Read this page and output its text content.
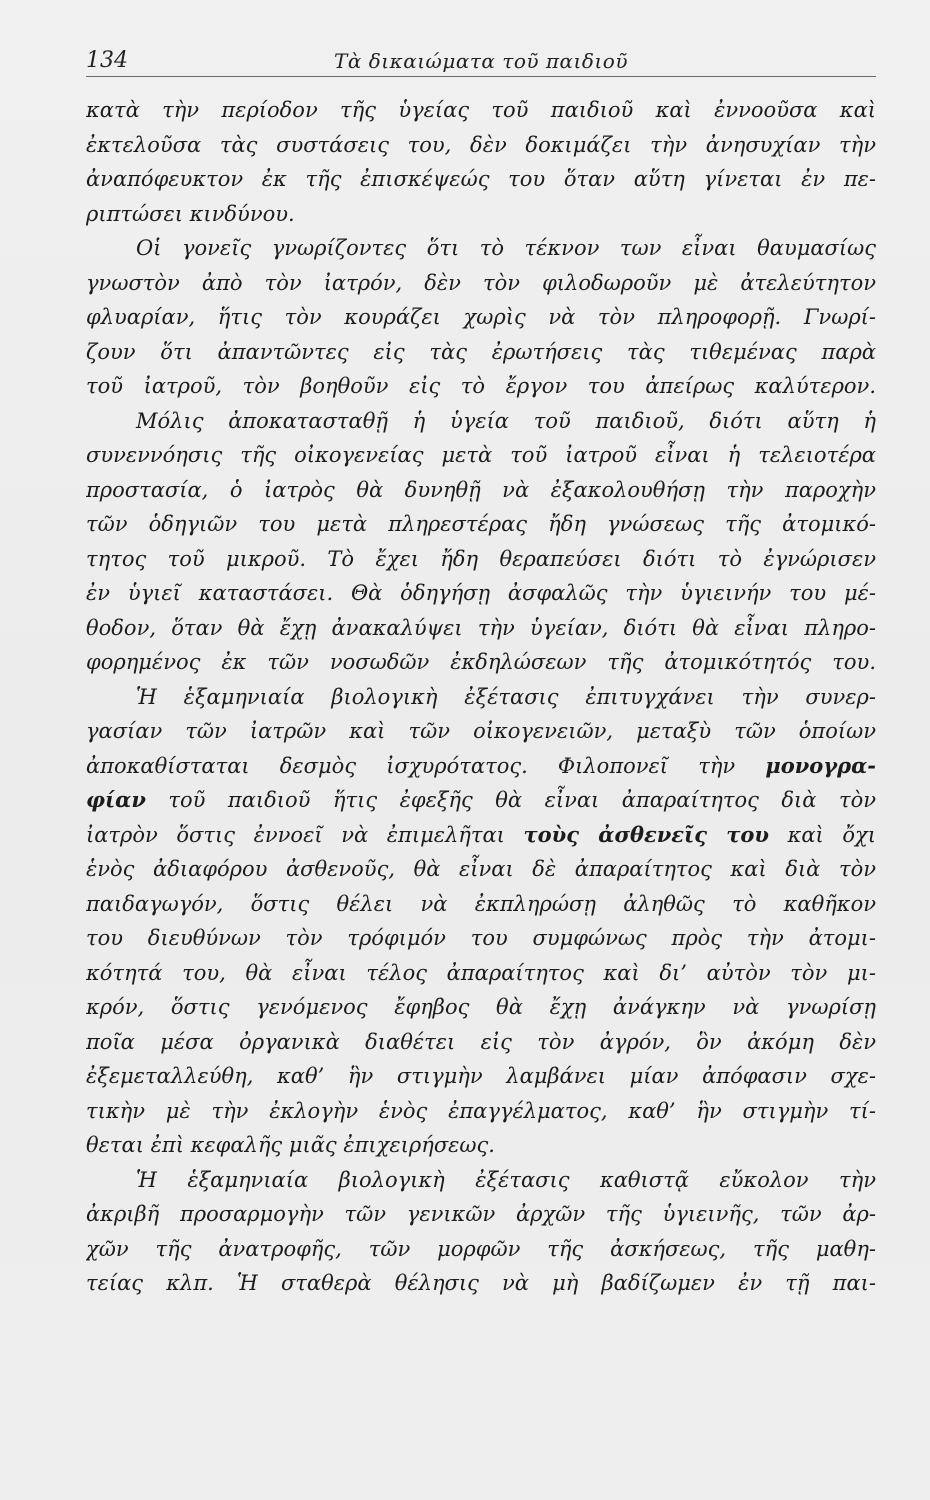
134	Τὰ δικαιώματα τοῦ παιδιοῦ
κατὰ τὴν περίοδον τῆς ὑγείας τοῦ παιδιοῦ καὶ ἐννοοῦσα καὶ
ἐκτελοῦσα τὰς συστάσεις του, δὲν δοκιμάζει τὴν ἀνησυχίαν τὴν
ἀναπόφευκτον ἐκ τῆς ἐπισκέψεώς του ὅταν αὕτη γίνεται ἐν πε-
ριπτώσει κινδύνου.
Οἱ γονεῖς γνωρίζοντες ὅτι τὸ τέκνον των εἶναι θαυμασίως
γνωστὸν ἀπὸ τὸν ἰατρόν, δὲν τὸν φιλοδωροῦν μὲ ἀτελεύτητον
φλυαρίαν, ἥτις τὸν κουράζει χωρὶς νὰ τὸν πληροφορῇ. Γνωρί-
ζουν ὅτι ἀπαντῶντες εἰς τὰς ἐρωτήσεις τὰς τιθεμένας παρὰ
τοῦ ἰατροῦ, τὸν βοηθοῦν εἰς τὸ ἔργον του ἀπείρως καλύτερον.
Μόλις ἀποκατασταθῇ ἡ ὑγεία τοῦ παιδιοῦ, διότι αὕτη ἡ
συνεννόησις τῆς οἰκογενείας μετὰ τοῦ ἰατροῦ εἶναι ἡ τελειοτέρα
προστασία, ὁ ἰατρὸς θὰ δυνηθῇ νὰ ἐξακολουθήσῃ τὴν παροχὴν
τῶν ὁδηγιῶν του μετὰ πληρεστέρας ἤδη γνώσεως τῆς ἀτομικό-
τητος τοῦ μικροῦ. Τὸ ἔχει ἤδη θεραπεύσει διότι τὸ ἐγνώρισεν
ἐν ὑγιεῖ καταστάσει. Θὰ ὁδηγήσῃ ἀσφαλῶς τὴν ὑγιεινήν του μέ-
θοδον, ὅταν θὰ ἔχῃ ἀνακαλύψει τὴν ὑγείαν, διότι θὰ εἶναι πληρο-
φορημένος ἐκ τῶν νοσωδῶν ἐκδηλώσεων τῆς ἀτομικότητός του.
Ἡ ἑξαμηνιαία βιολογικὴ ἐξέτασις ἐπιτυγχάνει τὴν συνερ-
γασίαν τῶν ἰατρῶν καὶ τῶν οἰκογενειῶν, μεταξὺ τῶν ὁποίων
ἀποκαθίσταται δεσμὸς ἰσχυρότατος. Φιλοπονεῖ τὴν μονογρα-
φίαν τοῦ παιδιοῦ ἥτις ἐφεξῆς θὰ εἶναι ἀπαραίτητος διὰ τὸν
ἰατρὸν ὅστις ἐννοεῖ νὰ ἐπιμελῆται τοὺς ἀσθενεῖς του καὶ ὄχι
ἑνὸς ἀδιαφόρου ἀσθενοῦς, θὰ εἶναι δὲ ἀπαραίτητος καὶ διὰ τὸν
παιδαγωγόν, ὅστις θέλει νὰ ἐκπληρώσῃ ἀληθῶς τὸ καθῆκον
του διευθύνων τὸν τρόφιμόν του συμφώνως πρὸς τὴν ἀτομι-
κότητά του, θὰ εἶναι τέλος ἀπαραίτητος καὶ δι’ αὐτὸν τὸν μι-
κρόν, ὅστις γενόμενος ἔφηβος θὰ ἔχῃ ἀνάγκην νὰ γνωρίσῃ
ποῖα μέσα ὀργανικὰ διαθέτει εἰς τὸν ἀγρόν, ὃν ἀκόμη δὲν
ἐξεμεταλλεύθη, καθ’ ἣν στιγμὴν λαμβάνει μίαν ἀπόφασιν σχε-
τικὴν μὲ τὴν ἐκλογὴν ἑνὸς ἐπαγγέλματος, καθ’ ἣν στιγμὴν τί-
θεται ἐπὶ κεφαλῆς μιᾶς ἐπιχειρήσεως.
Ἡ ἑξαμηνιαία βιολογικὴ ἐξέτασις καθιστᾷ εὔκολον τὴν
ἀκριβῆ προσαρμογὴν τῶν γενικῶν ἀρχῶν τῆς ὑγιεινῆς, τῶν ἀρ-
χῶν τῆς ἀνατροφῆς, τῶν μορφῶν τῆς ἀσκήσεως, τῆς μαθη-
τείας κλπ. Ἡ σταθερὰ θέλησις νὰ μὴ βαδίζωμεν ἐν τῇ παι-
